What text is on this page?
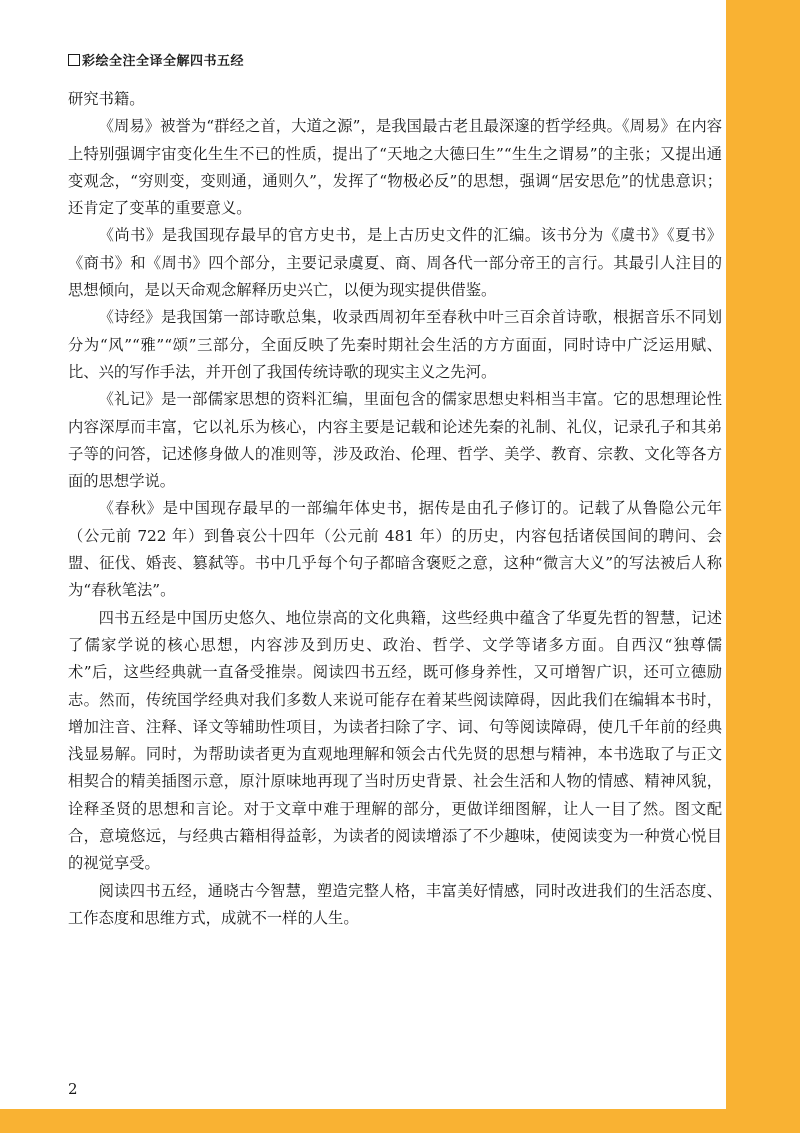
彩绘全注全译全解四书五经

研究书籍。

《周易》被誉为“群经之首，大道之源”，是我国最古老且最深邃的哲学经典。《周易》在内容上特别强调宇宙变化生生不已的性质，提出了“天地之大德曰生”“生生之谓易”的主张；又提出通变观念，“穷则变，变则通，通则久”，发挥了“物极必反”的思想，强调“居安思危”的忧患意识；还肯定了变革的重要意义。

《尚书》是我国现存最早的官方史书，是上古历史文件的汇编。该书分为《虞书》《夏书》《商书》和《周书》四个部分，主要记录虞夏、商、周各代一部分帝王的言行。其最引人注目的思想倾向，是以天命观念解释历史兴亡，以便为现实提供借鉴。

《诗经》是我国第一部诗歌总集，收录西周初年至春秋中叶三百余首诗歌，根据音乐不同划分为“风”“雅”“颂”三部分，全面反映了先秦时期社会生活的方方面面，同时诗中广泛运用赋、比、兴的写作手法，并开创了我国传统诗歌的现实主义之先河。

《礼记》是一部儒家思想的资料汇编，里面包含的儒家思想史料相当丰富。它的思想理论性内容深厚而丰富，它以礼乐为核心，内容主要是记载和论述先秦的礼制、礼仪，记录孔子和其弟子等的问答，记述修身做人的准则等，涉及政治、伦理、哲学、美学、教育、宗教、文化等各方面的思想学说。

《春秋》是中国现存最早的一部编年体史书，据传是由孔子修订的。记载了从鲁隐公元年（公元前 722 年）到鲁哀公十四年（公元前 481 年）的历史，内容包括诸侯国间的聘问、会盟、征伐、婚丧、篡弑等。书中几乎每个句子都暗含褒贬之意，这种“微言大义”的写法被后人称为“春秋笔法”。

四书五经是中国历史悠久、地位崇高的文化典籍，这些经典中蕴含了华夏先哲的智慧，记述了儒家学说的核心思想，内容涉及到历史、政治、哲学、文学等诸多方面。自西汉“独尊儒术”后，这些经典就一直备受推崇。阅读四书五经，既可修身养性，又可增智广识，还可立德励志。然而，传统国学经典对我们多数人来说可能存在着某些阅读障碍，因此我们在编辑本书时，增加注音、注释、译文等辅助性项目，为读者扫除了字、词、句等阅读障碍，使几千年前的经典浅显易解。同时，为帮助读者更为直观地理解和领会古代先贤的思想与精神，本书选取了与正文相契合的精美插图示意，原汁原味地再现了当时历史背景、社会生活和人物的情感、精神风貌，诠释圣贤的思想和言论。对于文章中难于理解的部分，更做详细图解，让人一目了然。图文配合，意境悠远，与经典古籍相得益彰，为读者的阅读增添了不少趣味，使阅读变为一种赏心悦目的视觉享受。

阅读四书五经，通晓古今智慧，塑造完整人格，丰富美好情感，同时改进我们的生活态度、工作态度和思维方式，成就不一样的人生。

2
